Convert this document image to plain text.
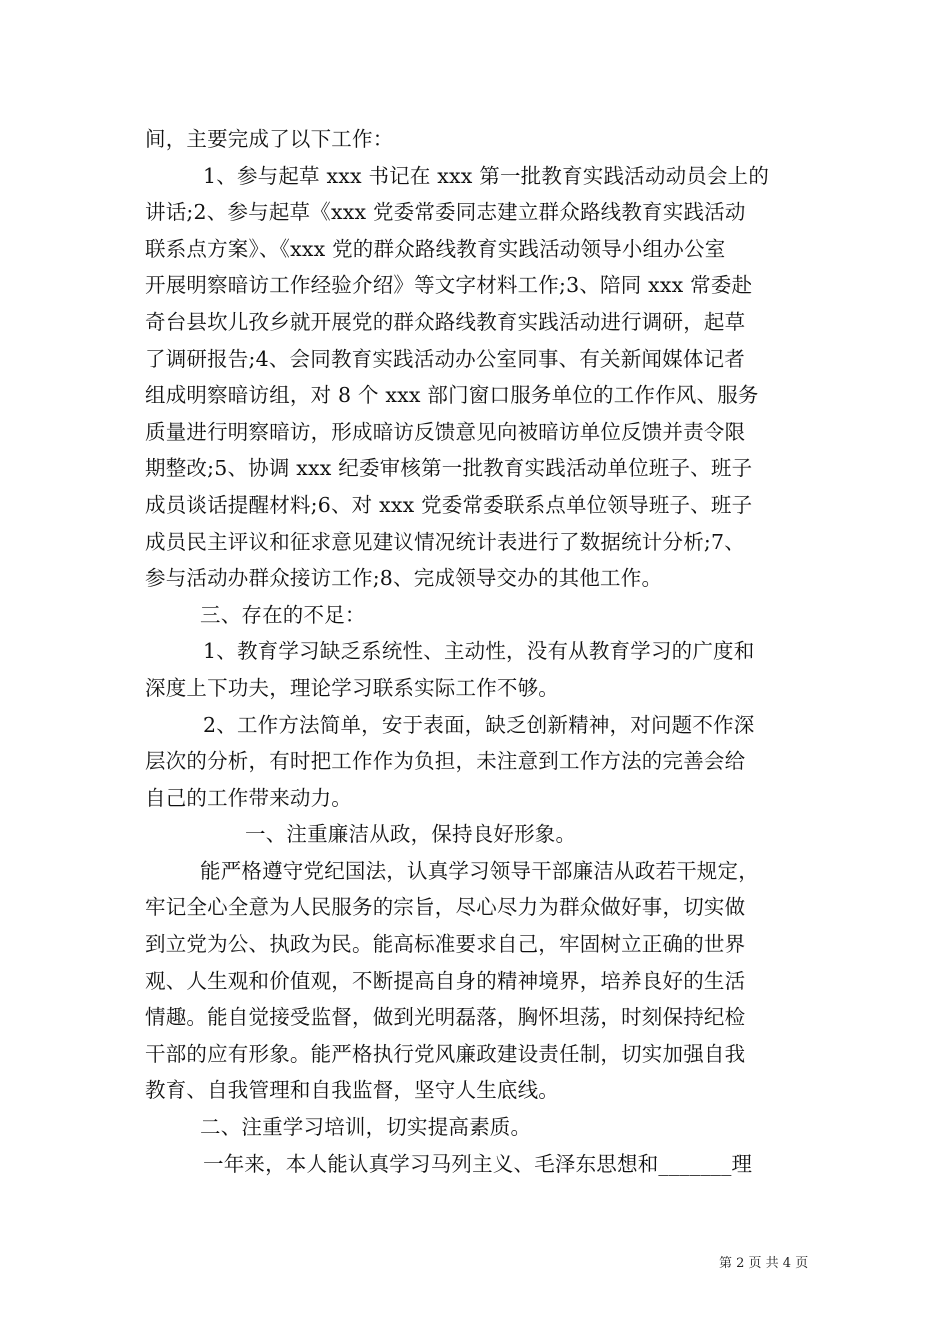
间，主要完成了以下工作：
1、参与起草 xxx 书记在 xxx 第一批教育实践活动动员会上的
讲话;2、参与起草《xxx 党委常委同志建立群众路线教育实践活动
联系点方案》、《xxx 党的群众路线教育实践活动领导小组办公室
开展明察暗访工作经验介绍》等文字材料工作;3、陪同 xxx 常委赴
奇台县坎儿孜乡就开展党的群众路线教育实践活动进行调研，起草
了调研报告;4、会同教育实践活动办公室同事、有关新闻媒体记者
组成明察暗访组，对 8 个 xxx 部门窗口服务单位的工作作风、服务
质量进行明察暗访，形成暗访反馈意见向被暗访单位反馈并责令限
期整改;5、协调 xxx 纪委审核第一批教育实践活动单位班子、班子
成员谈话提醒材料;6、对 xxx 党委常委联系点单位领导班子、班子
成员民主评议和征求意见建议情况统计表进行了数据统计分析;7、
参与活动办群众接访工作;8、完成领导交办的其他工作。
三、存在的不足：
1、教育学习缺乏系统性、主动性，没有从教育学习的广度和
深度上下功夫，理论学习联系实际工作不够。
2、工作方法简单，安于表面，缺乏创新精神，对问题不作深
层次的分析，有时把工作作为负担，未注意到工作方法的完善会给
自己的工作带来动力。
一、注重廉洁从政，保持良好形象。
能严格遵守党纪国法，认真学习领导干部廉洁从政若干规定，
牢记全心全意为人民服务的宗旨，尽心尽力为群众做好事，切实做
到立党为公、执政为民。能高标准要求自己，牢固树立正确的世界
观、人生观和价值观，不断提高自身的精神境界，培养良好的生活
情趣。能自觉接受监督，做到光明磊落，胸怀坦荡，时刻保持纪检
干部的应有形象。能严格执行党风廉政建设责任制，切实加强自我
教育、自我管理和自我监督，坚守人生底线。
二、注重学习培训，切实提高素质。
一年来，本人能认真学习马列主义、毛泽东思想和_______理
第 2 页 共 4 页
